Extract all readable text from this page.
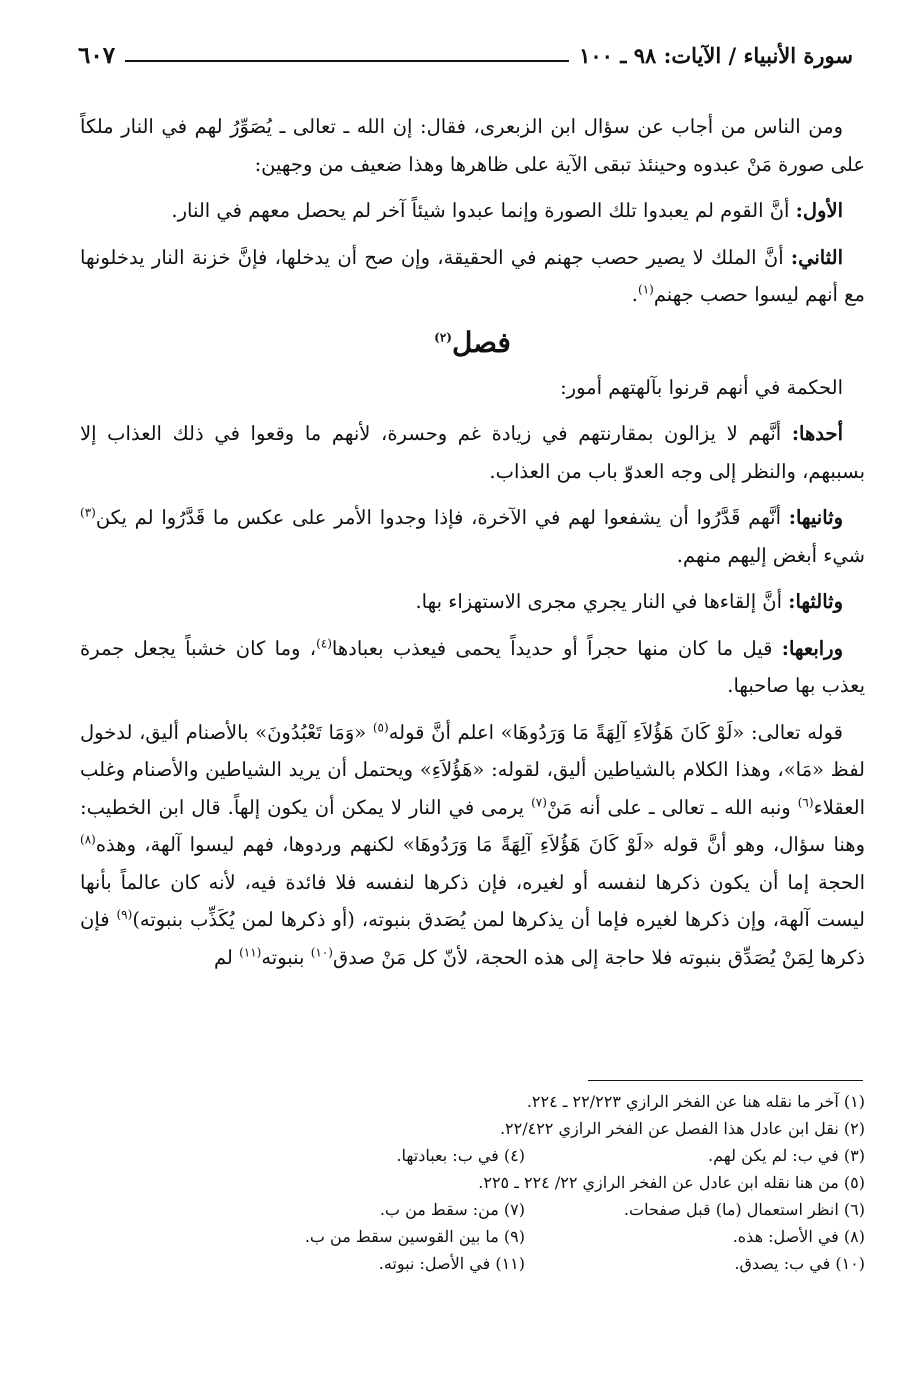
سورة الأنبياء / الآيات: ٩٨ ـ ١٠٠
٦٠٧

ومن الناس من أجاب عن سؤال ابن الزبعرى، فقال: إن الله ـ تعالى ـ يُصَوِّرُ لهم في النار ملكاً على صورة مَنْ عبدوه وحينئذ تبقى الآية على ظاهرها وهذا ضعيف من وجهين:

الأول: أنَّ القوم لم يعبدوا تلك الصورة وإنما عبدوا شيئاً آخر لم يحصل معهم في النار.

الثاني: أنَّ الملك لا يصير حصب جهنم في الحقيقة، وإن صح أن يدخلها، فإنَّ خزنة النار يدخلونها مع أنهم ليسوا حصب جهنم$^{(١)}$.

فصل$^{(٢)}$

الحكمة في أنهم قرنوا بآلهتهم أمور:

أحدها: أنَّهم لا يزالون بمقارنتهم في زيادة غم وحسرة، لأنهم ما وقعوا في ذلك العذاب إلا بسببهم، والنظر إلى وجه العدوّ باب من العذاب.

وثانيها: أنَّهم قَدَّرُوا أن يشفعوا لهم في الآخرة، فإذا وجدوا الأمر على عكس ما قَدَّرُوا لم يكن$^{(٣)}$ شيء أبغض إليهم منهم.

وثالثها: أنَّ إلقاءها في النار يجري مجرى الاستهزاء بها.

ورابعها: قيل ما كان منها حجراً أو حديداً يحمى فيعذب بعبادها$^{(٤)}$، وما كان خشباً يجعل جمرة يعذب بها صاحبها.

قوله تعالى: «لَوْ كَانَ هَؤُلاَءِ آلِهَةً مَا وَرَدُوهَا» اعلم أنَّ قوله$^{(٥)}$ «وَمَا تَعْبُدُونَ» بالأصنام أليق، لدخول لفظ «مَا»، وهذا الكلام بالشياطين أليق، لقوله: «هَؤُلاَءِ» ويحتمل أن يريد الشياطين والأصنام وغلب العقلاء$^{(٦)}$ ونبه الله ـ تعالى ـ على أنه مَنْ$^{(٧)}$ يرمى في النار لا يمكن أن يكون إلهاً. قال ابن الخطيب: وهنا سؤال، وهو أنَّ قوله «لَوْ كَانَ هَؤُلاَءِ آلِهَةً مَا وَرَدُوهَا» لكنهم وردوها، فهم ليسوا آلهة، وهذه$^{(٨)}$ الحجة إما أن يكون ذكرها لنفسه أو لغيره، فإن ذكرها لنفسه فلا فائدة فيه، لأنه كان عالماً بأنها ليست آلهة، وإن ذكرها لغيره فإما أن يذكرها لمن يُصَدق بنبوته، (أو ذكرها لمن يُكَذِّب بنبوته)$^{(٩)}$ فإن ذكرها لِمَنْ يُصَدِّق بنبوته فلا حاجة إلى هذه الحجة، لأنّ كل مَنْ صدق$^{(١٠)}$ بنبوته$^{(١١)}$ لم

(١) آخر ما نقله هنا عن الفخر الرازي ٢٢/٢٢٣ ـ ٢٢٤.
(٢) نقل ابن عادل هذا الفصل عن الفخر الرازي ٢٢/٤٢٢.
(٣) في ب: لم يكن لهم.
(٤) في ب: بعبادتها.
(٥) من هنا نقله ابن عادل عن الفخر الرازي ٢٢/ ٢٢٤ ـ ٢٢٥.
(٦) انظر استعمال (ما) قبل صفحات.
(٧) من: سقط من ب.
(٨) في الأصل: هذه.
(٩) ما بين القوسين سقط من ب.
(١٠) في ب: يصدق.
(١١) في الأصل: نبوته.
